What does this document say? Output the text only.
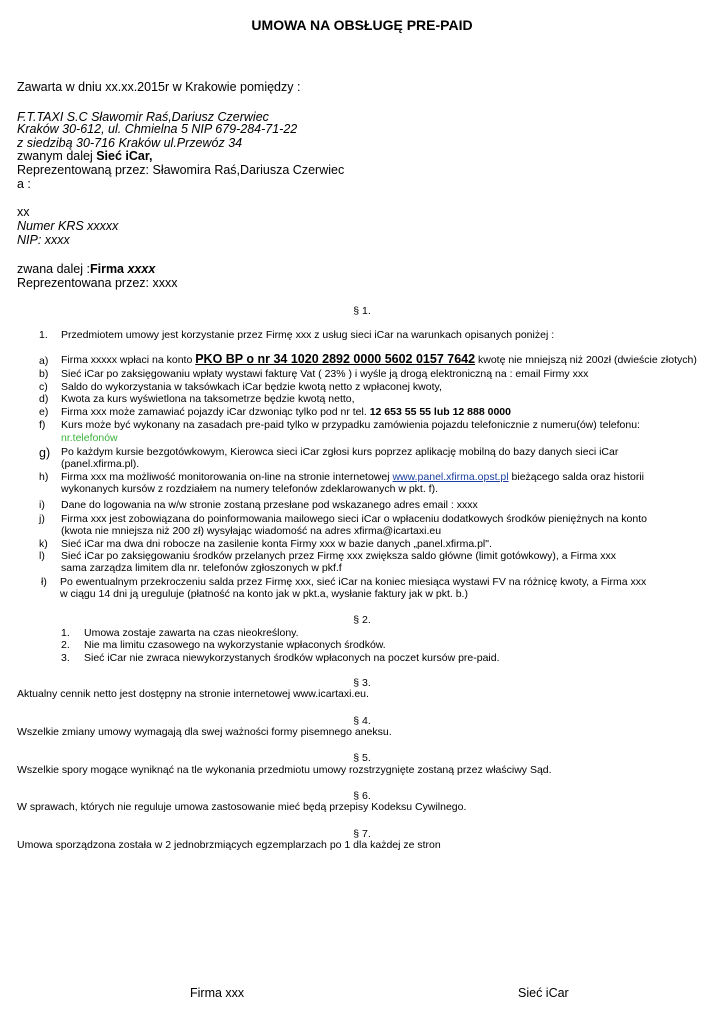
UMOWA NA OBSŁUGĘ PRE-PAID
Zawarta w dniu xx.xx.2015r w Krakowie pomiędzy :
F.T.TAXI S.C Sławomir Raś,Dariusz Czerwiec
Kraków 30-612, ul. Chmielna 5 NIP 679-284-71-22
z siedzibą 30-716 Kraków ul.Przewóz 34
zwanym dalej Sieć iCar,
Reprezentowaną przez: Sławomira Raś,Dariusza Czerwiec
a :
xx
Numer KRS xxxxx
NIP: xxxx
zwana dalej :Firma xxxx
Reprezentowana przez: xxxx
§ 1.
1. Przedmiotem umowy jest korzystanie przez Firmę xxx z usług sieci iCar na warunkach opisanych poniżej :
a) Firma xxxxx wpłaci na konto PKO BP o nr 34 1020 2892 0000 5602 0157 7642 kwotę nie mniejszą niż 200zł (dwieście złotych)
b) Sieć iCar po zaksięgowaniu wpłaty wystawi fakturę Vat ( 23% ) i wyśle ją drogą elektroniczną na : email Firmy xxx
c) Saldo do wykorzystania w taksówkach iCar będzie kwotą netto z wpłaconej kwoty,
d) Kwota za kurs wyświetlona na taksometrze będzie kwotą netto,
e) Firma xxx może zamawiać pojazdy iCar dzwoniąc tylko pod nr tel. 12 653 55 55 lub 12 888 0000
f) Kurs może być wykonany na zasadach pre-paid tylko w przypadku zamówienia pojazdu telefonicznie z numeru(ów) telefonu:
nr.telefonów
g) Po każdym kursie bezgotówkowym, Kierowca sieci iCar zgłosi kurs poprzez aplikację mobilną do bazy danych sieci iCar
(panel.xfirma.pl).
h) Firma xxx ma możliwość monitorowania on-line na stronie internetowej www.panel.xfirma.opst.pl bieżącego salda oraz historii
wykonanych kursów z rozdziałem na numery telefonów zdeklarowanych w pkt. f).
i) Dane do logowania na w/w stronie zostaną przesłane pod wskazanego adres email : xxxx
j) Firma xxx jest zobowiązana do poinformowania mailowego sieci iCar o wpłaceniu dodatkowych środków pieniężnych na konto
(kwota nie mniejsza niż 200 zł) wysyłając wiadomość na adres xfirma@icartaxi.eu
k) Sieć iCar ma dwa dni robocze na zasilenie konta Firmy xxx w bazie danych „panel.xfirma.pl".
l) Sieć iCar po zaksięgowaniu środków przelanych przez Firmę xxx zwiększa saldo główne (limit gotówkowy), a Firma xxx
sama zarządza limitem dla nr. telefonów zgłoszonych w pkf.f
ł) Po ewentualnym przekroczeniu salda przez Firmę xxx, sieć iCar na koniec miesiąca wystawi FV na różnicę kwoty, a Firma xxx
w ciągu 14 dni ją ureguluje (płatność na konto jak w pkt.a, wysłanie faktury jak w pkt. b.)
§ 2.
1. Umowa zostaje zawarta na czas nieokreślony.
2. Nie ma limitu czasowego na wykorzystanie wpłaconych środków.
3. Sieć iCar nie zwraca niewykorzystanych środków wpłaconych na poczet kursów pre-paid.
§ 3.
Aktualny cennik netto jest dostępny na stronie internetowej www.icartaxi.eu.
§ 4.
Wszelkie zmiany umowy wymagają dla swej ważności formy pisemnego aneksu.
§ 5.
Wszelkie spory mogące wyniknąć na tle wykonania przedmiotu umowy rozstrzygnięte zostaną przez właściwy Sąd.
§ 6.
W sprawach, których nie reguluje umowa zastosowanie mieć będą przepisy Kodeksu Cywilnego.
§ 7.
Umowa sporządzona została w 2 jednobrzmiących egzemplarzach po 1 dla każdej ze stron
Firma xxx	Sieć iCar
